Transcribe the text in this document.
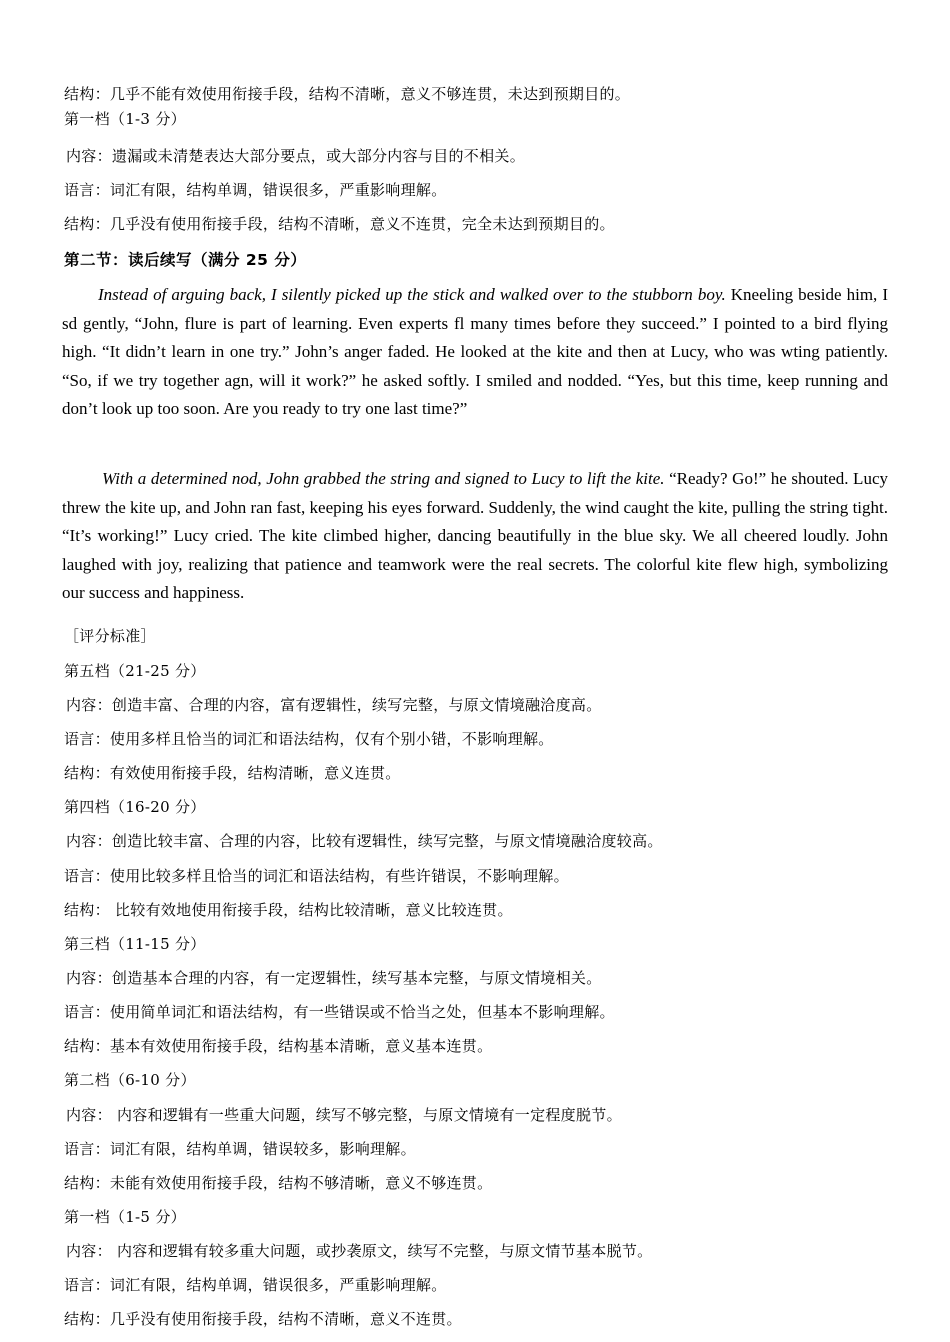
结构：几乎不能有效使用衔接手段，结构不清晰，意义不够连贯，未达到预期目的。
第一档（1-3 分）
内容：遗漏或未清楚表达大部分要点，或大部分内容与目的不相关。
语言：词汇有限，结构单调，错误很多，严重影响理解。
结构：几乎没有使用衔接手段，结构不清晰，意义不连贯，完全未达到预期目的。
第二节：读后续写（满分 25 分）
Instead of arguing back, I silently picked up the stick and walked over to the stubborn boy. Kneeling beside him, I sd gently, “John, flure is part of learning. Even experts fl many times before they succeed.” I pointed to a bird flying high. “It didn’t learn in one try.” John’s anger faded. He looked at the kite and then at Lucy, who was wting patiently. “So, if we try together agn, will it work?” he asked softly. I smiled and nodded. “Yes, but this time, keep running and don’t look up too soon. Are you ready to try one last time?”
With a determined nod, John grabbed the string and signed to Lucy to lift the kite. “Ready? Go!” he shouted. Lucy threw the kite up, and John ran fast, keeping his eyes forward. Suddenly, the wind caught the kite, pulling the string tight. “It’s working!” Lucy cried. The kite climbed higher, dancing beautifully in the blue sky. We all cheered loudly. John laughed with joy, realizing that patience and teamwork were the real secrets. The colorful kite flew high, symbolizing our success and happiness.
［评分标准］
第五档（21-25 分）
内容：创造丰富、合理的内容，富有逻辑性，续写完整，与原文情境融洽度高。
语言：使用多样且恰当的词汇和语法结构，仅有个别小错，不影响理解。
结构：有效使用衔接手段，结构清晰，意义连贯。
第四档（16-20 分）
内容：创造比较丰富、合理的内容，比较有逻辑性，续写完整，与原文情境融洽度较高。
语言：使用比较多样且恰当的词汇和语法结构，有些许错误，不影响理解。
结构： 比较有效地使用衔接手段，结构比较清晰，意义比较连贯。
第三档（11-15 分）
内容：创造基本合理的内容，有一定逻辑性，续写基本完整，与原文情境相关。
语言：使用简单词汇和语法结构，有一些错误或不恰当之处，但基本不影响理解。
结构：基本有效使用衔接手段，结构基本清晰，意义基本连贯。
第二档（6-10 分）
内容： 内容和逻辑有一些重大问题，续写不够完整，与原文情境有一定程度脱节。
语言：词汇有限，结构单调，错误较多，影响理解。
结构：未能有效使用衔接手段，结构不够清晰，意义不够连贯。
第一档（1-5 分）
内容： 内容和逻辑有较多重大问题，或抄袭原文，续写不完整，与原文情节基本脱节。
语言：词汇有限，结构单调，错误很多，严重影响理解。
结构：几乎没有使用衔接手段，结构不清晰，意义不连贯。
